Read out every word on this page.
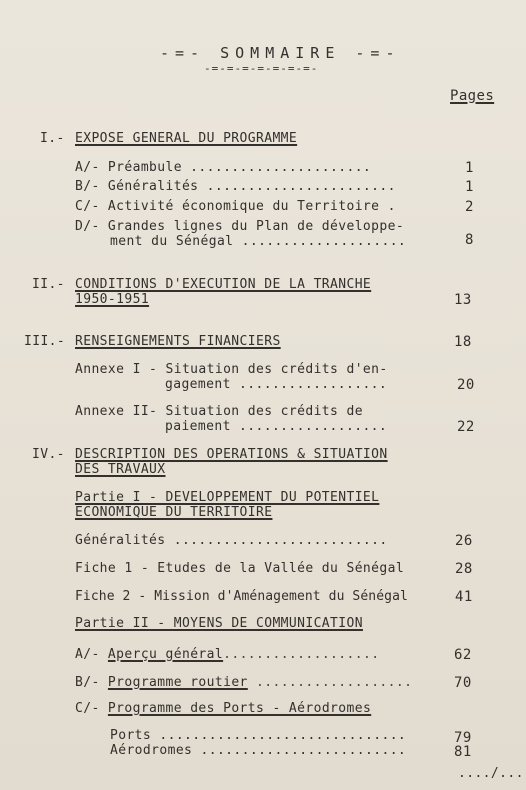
-=- SOMMAIRE -=-
-=-=-=-=-=-=-=-
Pages
I.- EXPOSE GENERAL DU PROGRAMME
A/- Préambule ......................	1
B/- Généralités .......................	1
C/- Activité économique du Territoire .	2
D/- Grandes lignes du Plan de développe-
ment du Sénégal ....................	8
II.- CONDITIONS D'EXECUTION DE LA TRANCHE
1950-1951	13
III.- RENSEIGNEMENTS FINANCIERS	18
Annexe I - Situation des crédits d'en-
gagement ..................	20
Annexe II- Situation des crédits de
paiement ..................	22
IV.- DESCRIPTION DES OPERATIONS & SITUATION
DES TRAVAUX
Partie I - DEVELOPPEMENT DU POTENTIEL
ECONOMIQUE DU TERRITOIRE
Généralités ..........................	26
Fiche 1 - Etudes de la Vallée du Sénégal	28
Fiche 2 - Mission d'Aménagement du Sénégal	41
Partie II - MOYENS DE COMMUNICATION
A/- Aperçu général...................	62
B/- Programme routier ...................	70
C/- Programme des Ports - Aérodromes
Ports ..............................	79
Aérodromes .........................	81
..../...
